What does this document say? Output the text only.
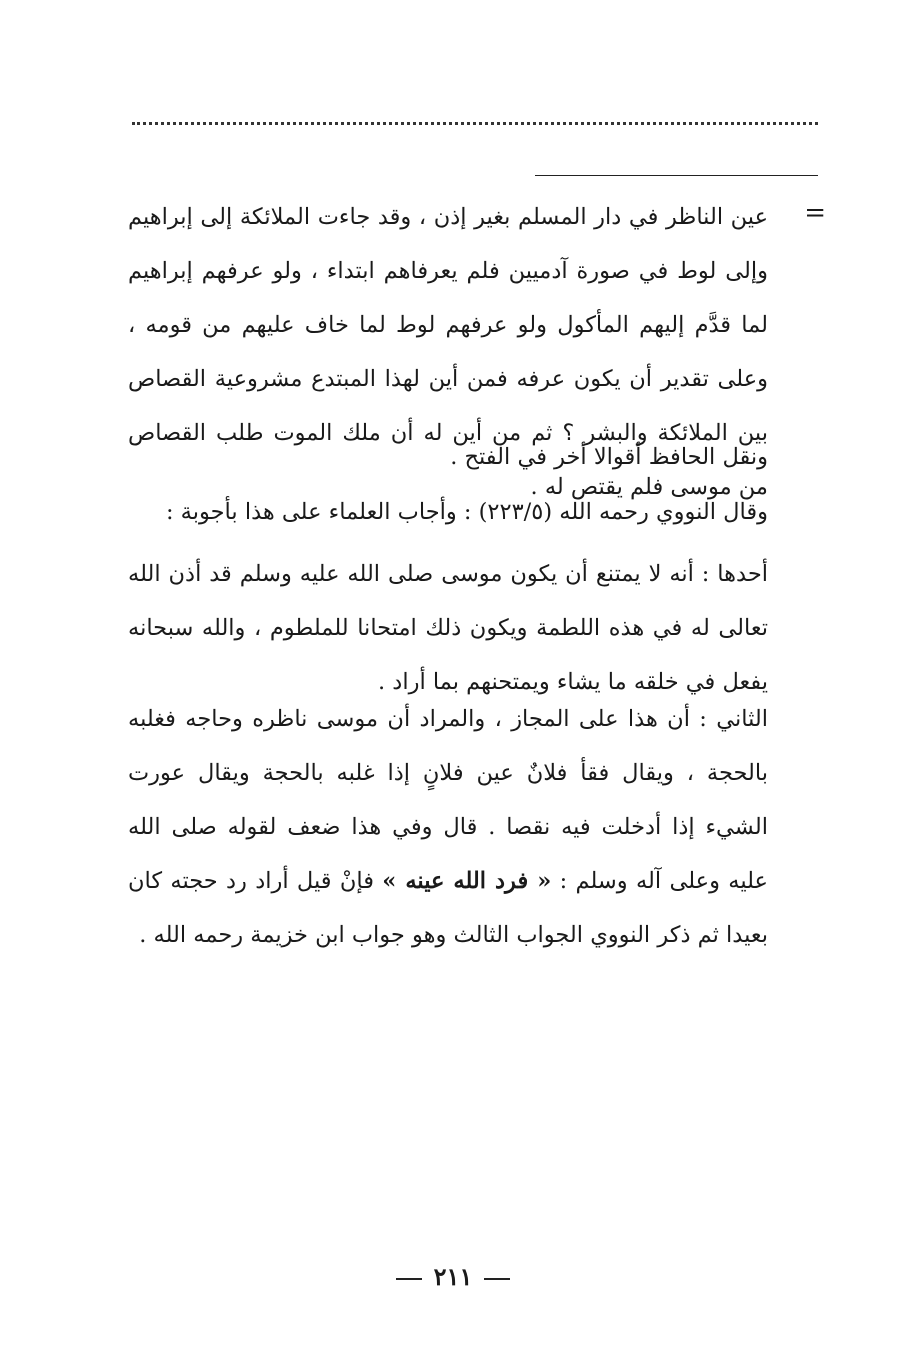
=

عين الناظر في دار المسلم بغير إذن ، وقد جاءت الملائكة إلى إبراهيم وإلى لوط في صورة آدميين فلم يعرفاهم ابتداء ، ولو عرفهم إبراهيم لما قدَّم إليهم المأكول ولو عرفهم لوط لما خاف عليهم من قومه ، وعلى تقدير أن يكون عرفه فمن أين لهذا المبتدع مشروعية القصاص بين الملائكة والبشر ؟ ثم من أين له أن ملك الموت طلب القصاص من موسى فلم يقتص له .

ونقل الحافظ أقوالا أخر في الفتح .

وقال النووي رحمه الله (٢٢٣/٥) : وأجاب العلماء على هذا بأجوبة :

أحدها : أنه لا يمتنع أن يكون موسى صلى الله عليه وسلم قد أذن الله تعالى له في هذه اللطمة ويكون ذلك امتحانا للملطوم ، والله سبحانه يفعل في خلقه ما يشاء ويمتحنهم بما أراد .

الثاني : أن هذا على المجاز ، والمراد أن موسى ناظره وحاجه فغلبه بالحجة ، ويقال فقأ فلانٌ عين فلانٍ إذا غلبه بالحجة ويقال عورت الشيء إذا أدخلت فيه نقصا . قال وفي هذا ضعف لقوله صلى الله عليه وعلى آله وسلم : « فرد الله عينه » فإنْ قيل أراد رد حجته كان بعيدا ثم ذكر النووي الجواب الثالث وهو جواب ابن خزيمة رحمه الله .

٢١١
